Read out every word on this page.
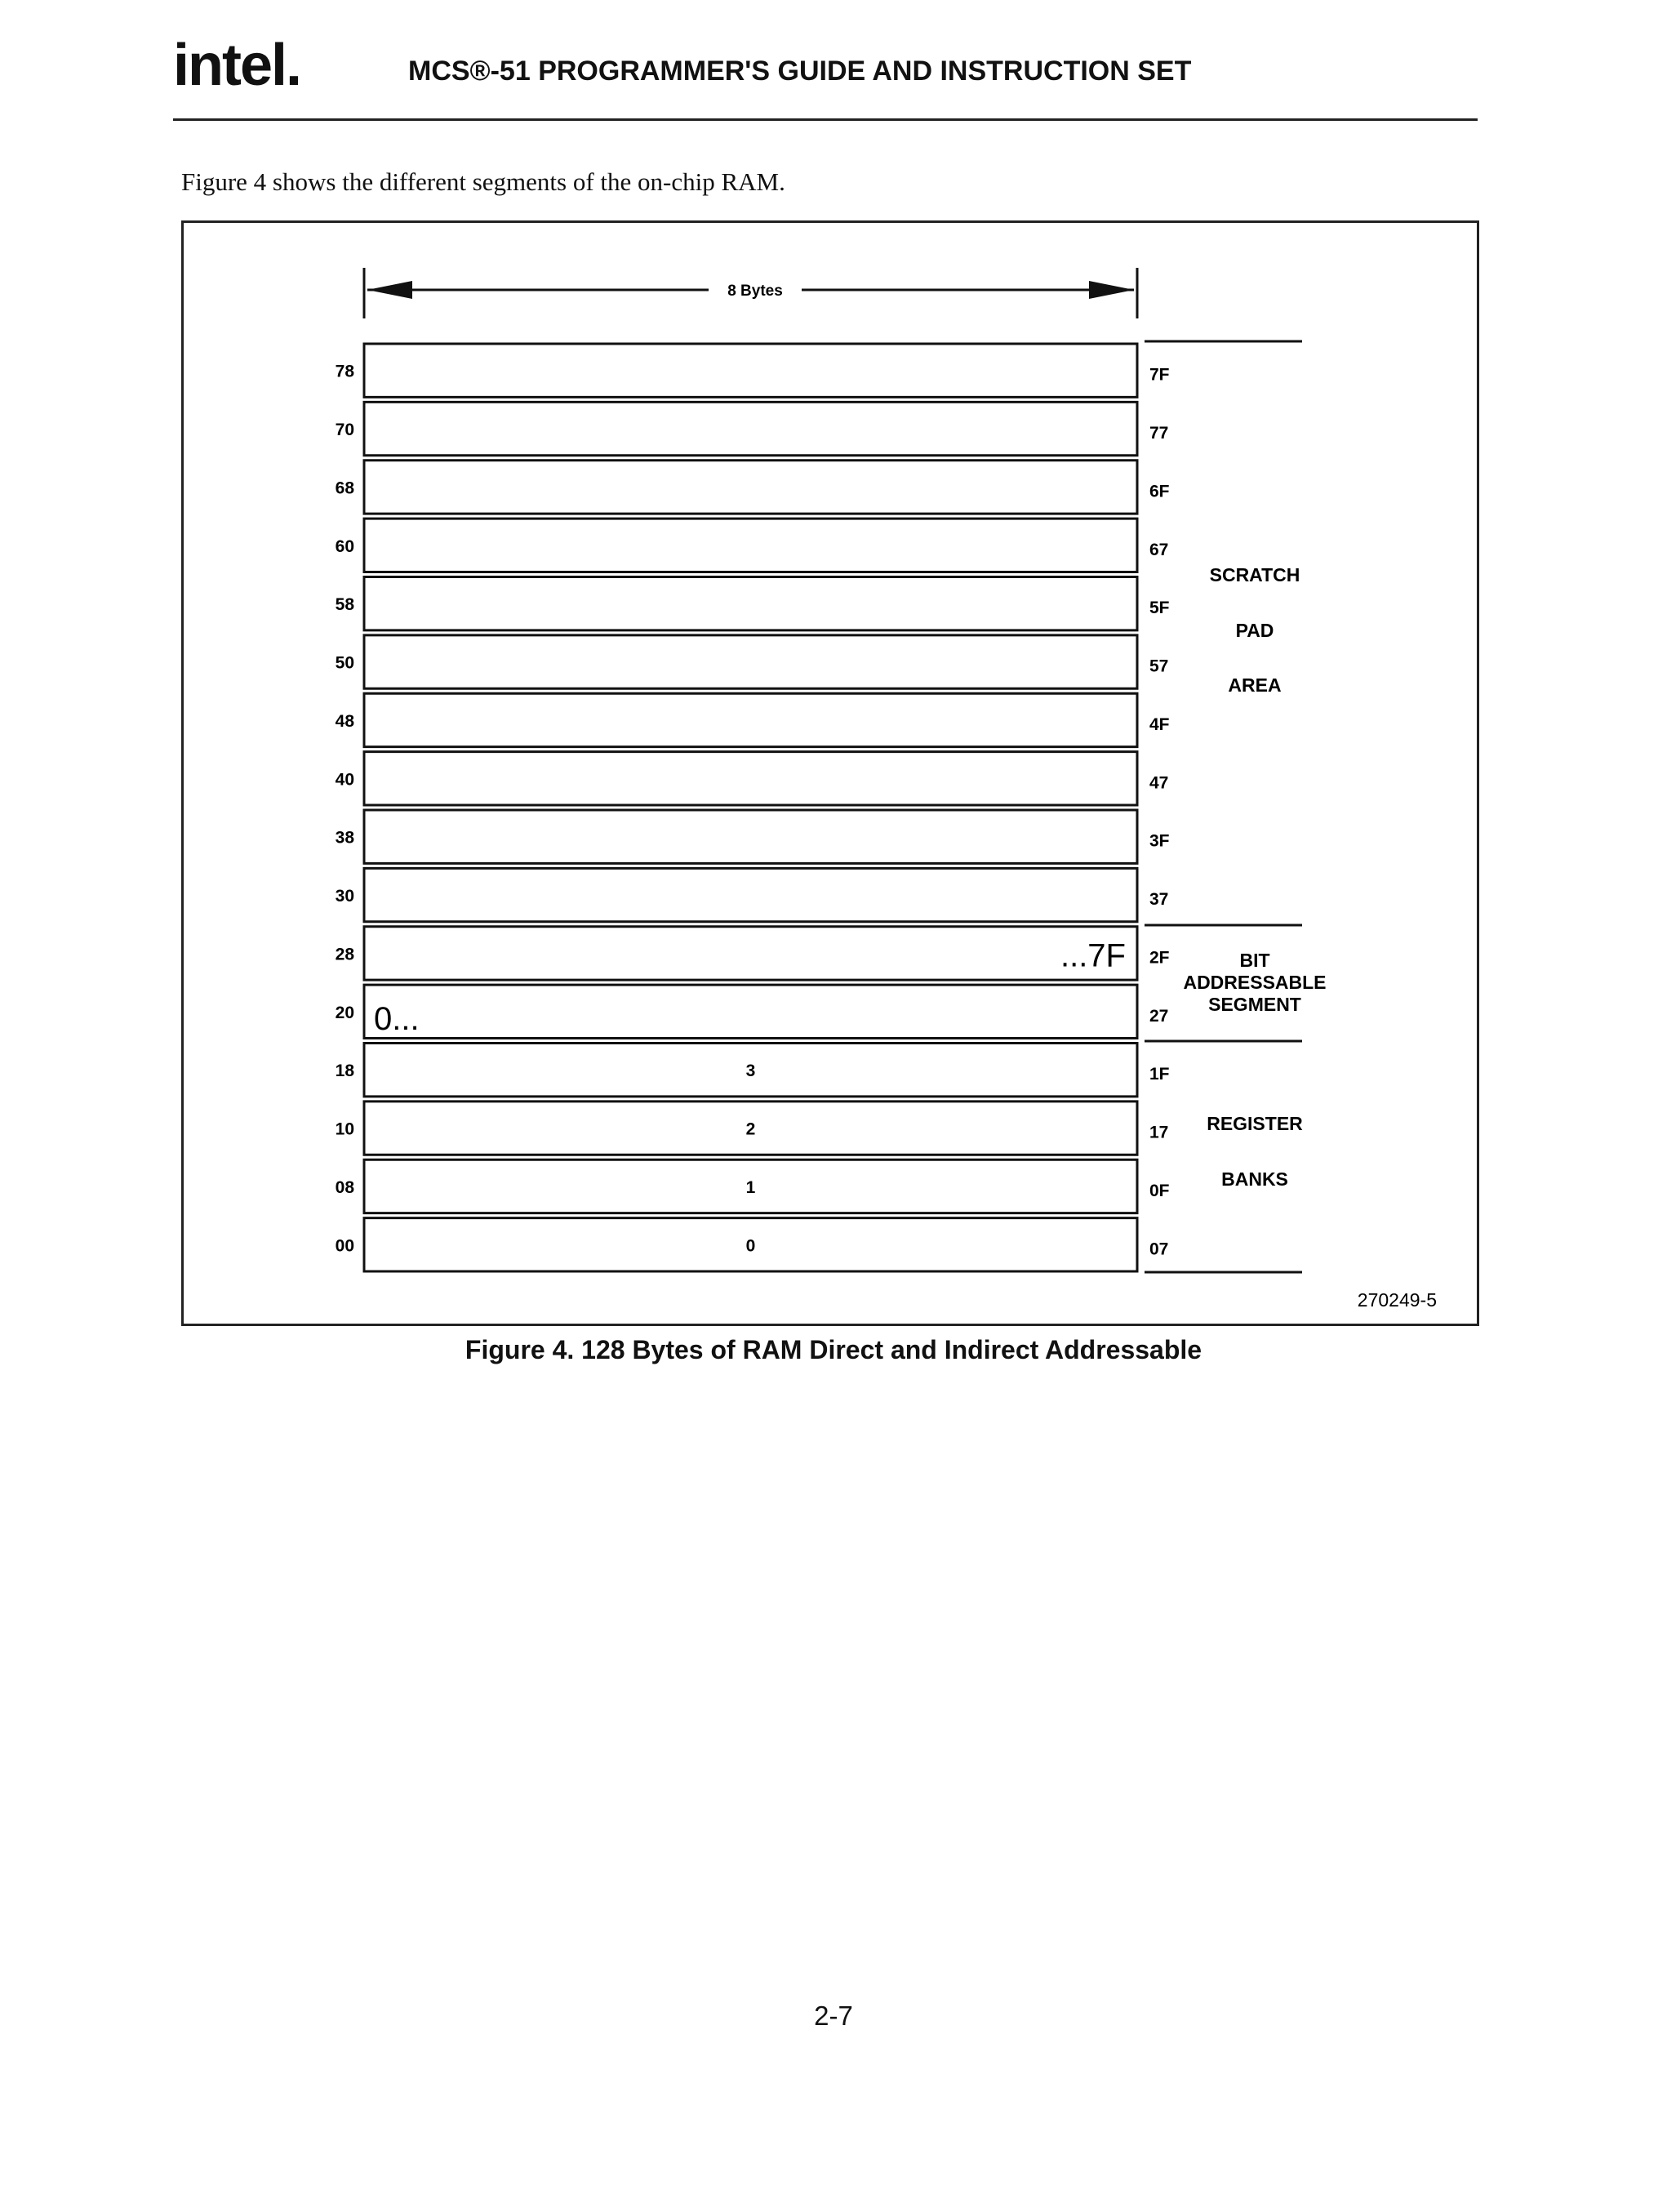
intel.	MCS®-51 PROGRAMMER'S GUIDE AND INSTRUCTION SET
Figure 4 shows the different segments of the on-chip RAM.
8 Bytes
78	7F
70	77
68	6F
60	67
58	5F
50	57
48	4F
40	47
38	3F
30	37
28	2F
...7F
20	27
0...
18	1F
3
10	17
2
08	0F
1
00	07
0
SCRATCH
PAD
AREA
BIT
ADDRESSABLE
SEGMENT
REGISTER
BANKS
270249-5
Figure 4. 128 Bytes of RAM Direct and Indirect Addressable
2-7
